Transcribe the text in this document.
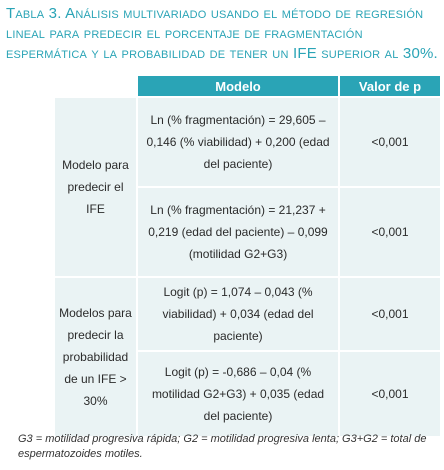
Tabla 3. Análisis multivariado usando el método de regresión lineal para predecir el porcentaje de fragmentación espermática y la probabilidad de tener un IFE superior al 30%.
	Modelo	Valor de p
Modelo para predecir el IFE	Ln (% fragmentación) = 29,605 – 0,146 (% viabilidad) + 0,200 (edad del paciente)	<0,001
	Ln (% fragmentación) = 21,237 + 0,219 (edad del paciente) – 0,099 (motilidad G2+G3)	<0,001
Modelos para predecir la probabilidad de un IFE > 30%	Logit (p) = 1,074 – 0,043 (% viabilidad) + 0,034 (edad del paciente)	<0,001
	Logit (p) = -0,686 – 0,04 (% motilidad G2+G3) + 0,035 (edad del paciente)	<0,001
G3 = motilidad progresiva rápida; G2 = motilidad progresiva lenta; G3+G2 = total de espermatozoides motiles.
